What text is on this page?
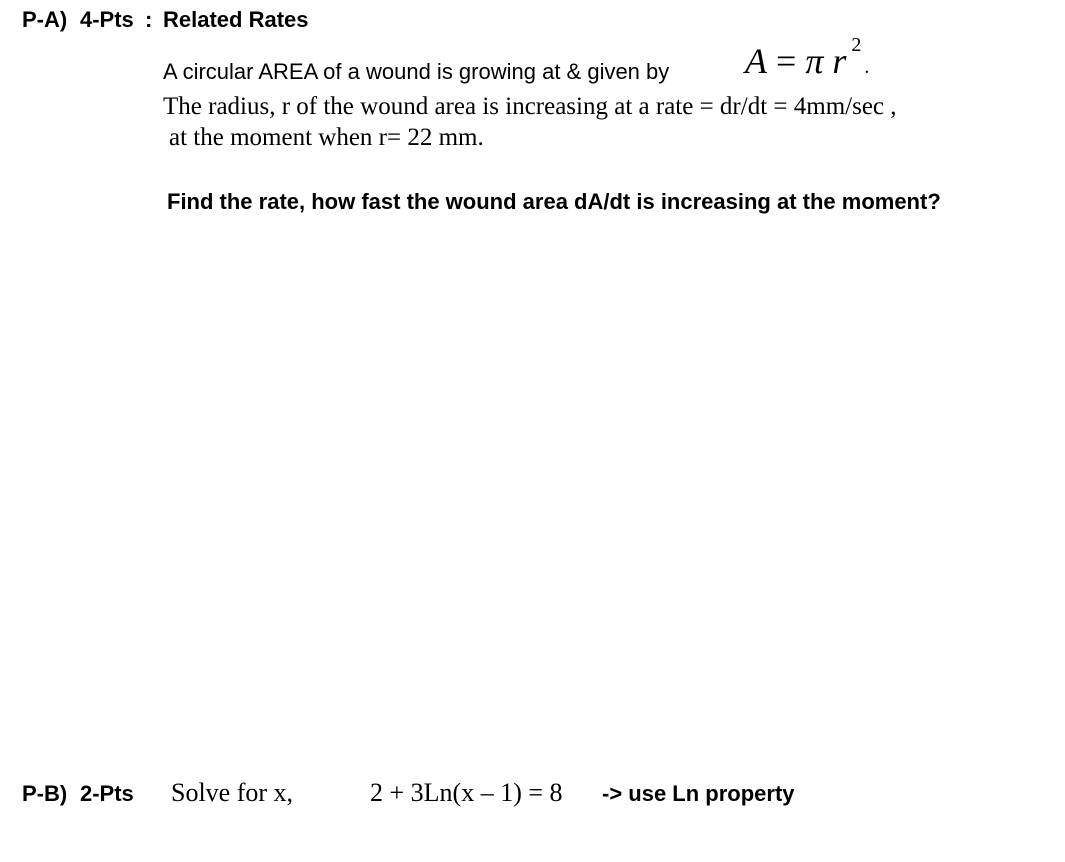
P-A) 4-Pts : Related Rates
A circular AREA of a wound is growing at & given by A = π r $^2$.
The radius, r of the wound area is increasing at a rate = dr/dt = 4mm/sec ,
at the moment when r= 22 mm.
Find the rate, how fast the wound area dA/dt is increasing at the moment?
P-B) 2-Pts Solve for x,	2 + 3Ln(x – 1) = 8 -> use Ln property
